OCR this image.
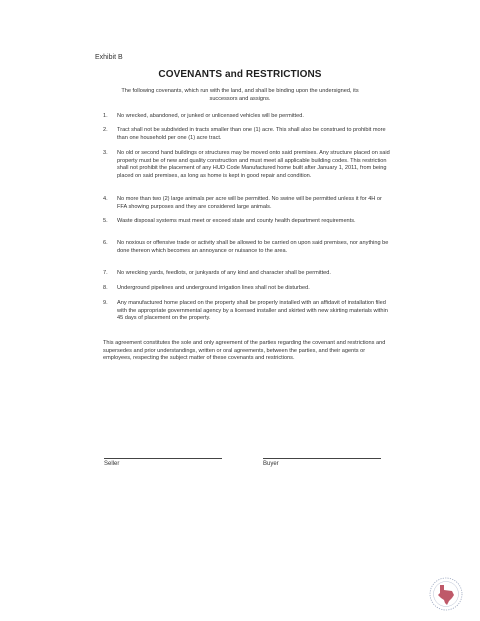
Exhibit B
COVENANTS and RESTRICTIONS
The following covenants, which run with the land, and shall be binding upon the undersigned, its successors and assigns.
1.	No wrecked, abandoned, or junked or unlicensed vehicles will be permitted.
2.	Tract shall not be subdivided in tracts smaller than one (1) acre. This shall also be construed to prohibit more than one household per one (1) acre tract.
3.	No old or second hand buildings or structures may be moved onto said premises. Any structure placed on said property must be of new and quality construction and must meet all applicable building codes. This restriction shall not prohibit the placement of any HUD Code Manufactured home built after January 1, 2011, from being placed on said premises, as long as home is kept in good repair and condition.
4.	No more than two (2) large animals per acre will be permitted. No swine will be permitted unless it for 4H or FFA showing purposes and they are considered large animals.
5.	Waste disposal systems must meet or exceed state and county health department requirements.
6.	No noxious or offensive trade or activity shall be allowed to be carried on upon said premises, nor anything be done thereon which becomes an annoyance or nuisance to the area.
7.	No wrecking yards, feedlots, or junkyards of any kind and character shall be permitted.
8.	Underground pipelines and underground irrigation lines shall not be disturbed.
9.	Any manufactured home placed on the property shall be properly installed with an affidavit of installation filed with the appropriate governmental agency by a licensed installer and skirted with new skirting materials within 45 days of placement on the property.
This agreement constitutes the sole and only agreement of the parties regarding the covenant and restrictions and supersedes and prior understandings, written or oral agreements, between the parties, and their agents or employees, respecting the subject matter of these covenants and restrictions.
Seller	Buyer
